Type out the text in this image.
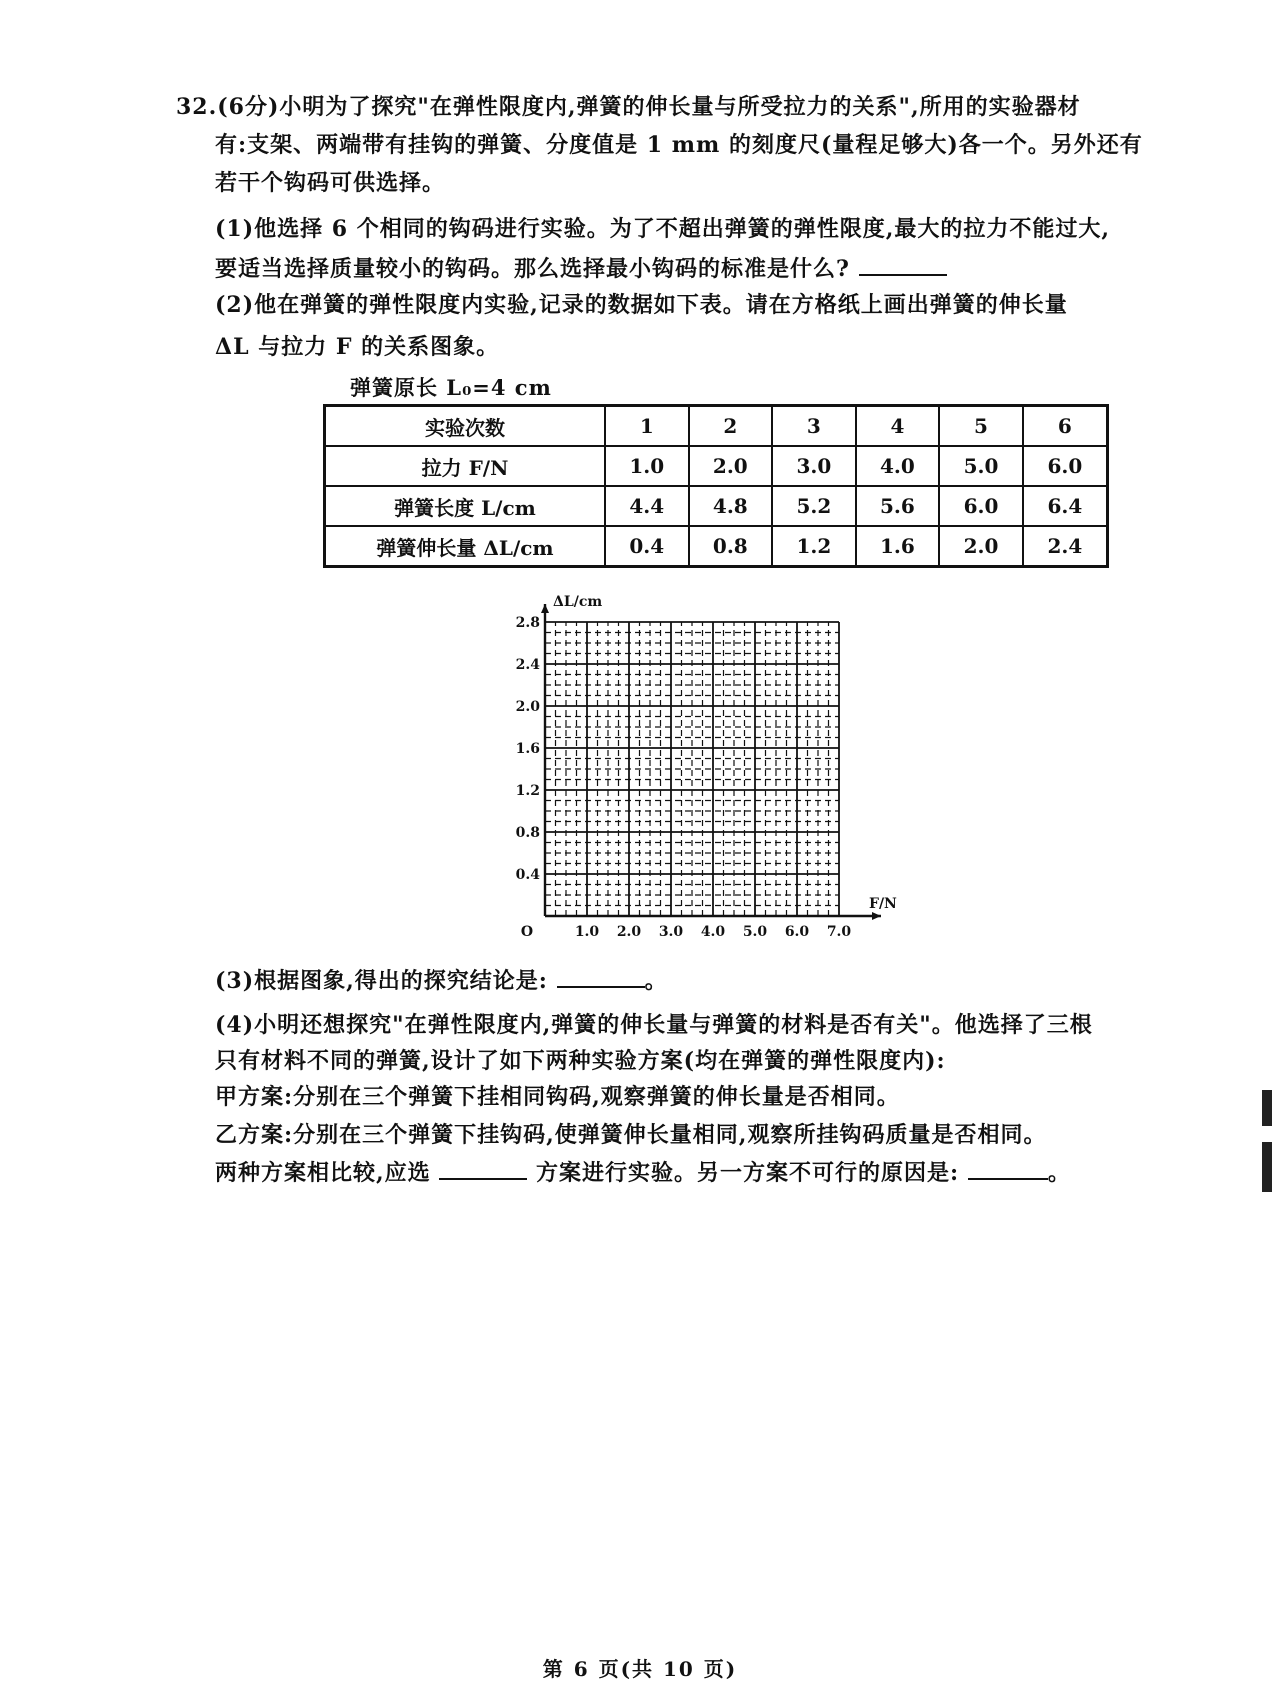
32.(6分)小明为了探究"在弹性限度内,弹簧的伸长量与所受拉力的关系",所用的实验器材
有:支架、两端带有挂钩的弹簧、分度值是 1 mm 的刻度尺(量程足够大)各一个。另外还有
若干个钩码可供选择。
(1)他选择 6 个相同的钩码进行实验。为了不超出弹簧的弹性限度,最大的拉力不能过大,
要适当选择质量较小的钩码。那么选择最小钩码的标准是什么?
(2)他在弹簧的弹性限度内实验,记录的数据如下表。请在方格纸上画出弹簧的伸长量
ΔL 与拉力 F 的关系图象。
弹簧原长 L₀=4 cm
实验次数	1	2	3	4	5	6
拉力 F/N	1.0	2.0	3.0	4.0	5.0	6.0
弹簧长度 L/cm	4.4	4.8	5.2	5.6	6.0	6.4
弹簧伸长量 ΔL/cm	0.4	0.8	1.2	1.6	2.0	2.4
1.0 2.0 3.0 4.0 5.0 6.0 7.0
0.4
0.8
1.2
1.6
2.0
2.4
2.8
O
ΔL/cm
F/N
(3)根据图象,得出的探究结论是:	。
(4)小明还想探究"在弹性限度内,弹簧的伸长量与弹簧的材料是否有关"。他选择了三根
只有材料不同的弹簧,设计了如下两种实验方案(均在弹簧的弹性限度内):
甲方案:分别在三个弹簧下挂相同钩码,观察弹簧的伸长量是否相同。
乙方案:分别在三个弹簧下挂钩码,使弹簧伸长量相同,观察所挂钩码质量是否相同。
两种方案相比较,应选	方案进行实验。另一方案不可行的原因是:	。
第 6 页(共 10 页)
